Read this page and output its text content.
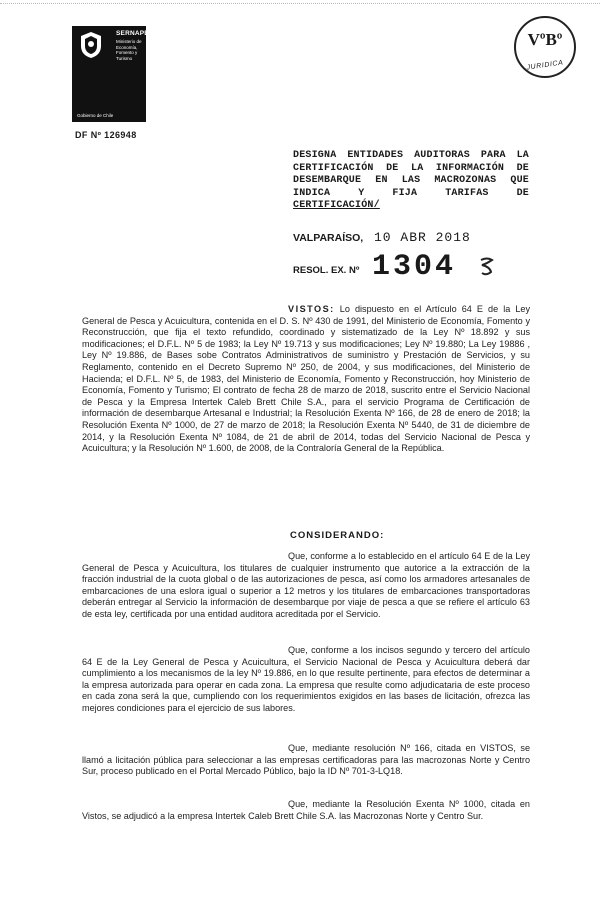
SERNAPESCA
Ministerio de Economía, Fomento y Turismo
Gobierno de Chile
DF Nº 126948
VºBº
JURIDICA
DESIGNA ENTIDADES AUDITORAS PARA LA CERTIFICACIÓN DE LA INFORMACIÓN DE DESEMBARQUE EN LAS MACROZONAS QUE INDICA Y FIJA TARIFAS DE CERTIFICACIÓN/
VALPARAÍSO, 10 ABR 2018
RESOL. EX. Nº 1304
VISTOS: Lo dispuesto en el Artículo 64 E de la Ley General de Pesca y Acuicultura, contenida en el D. S. Nº 430 de 1991, del Ministerio de Economía, Fomento y Reconstrucción, que fija el texto refundido, coordinado y sistematizado de la Ley Nº 18.892 y sus modificaciones; el D.F.L. Nº 5 de 1983; la Ley Nº 19.713 y sus modificaciones; Ley Nº 19.880; La Ley 19886 , Ley Nº 19.886, de Bases sobe Contratos Administrativos de suministro y Prestación de Servicios, y su Reglamento, contenido en el Decreto Supremo Nº 250, de 2004, y sus modificaciones, del Ministerio de Hacienda; el D.F.L. Nº 5, de 1983, del Ministerio de Economía, Fomento y Reconstrucción, hoy Ministerio de Economía, Fomento y Turismo; El contrato de fecha 28 de marzo de 2018, suscrito entre el Servicio Nacional de Pesca y la Empresa Intertek Caleb Brett Chile S.A., para el servicio Programa de Certificación de información de desembarque Artesanal e Industrial; la Resolución Exenta Nº 166, de 28 de enero de 2018; la Resolución Exenta Nº 1000, de 27 de marzo de 2018; la Resolución Exenta Nº 5440, de 31 de diciembre de 2014, y la Resolución Exenta Nº 1084, de 21 de abril de 2014, todas del Servicio Nacional de Pesca y Acuicultura; y la Resolución Nº 1.600, de 2008, de la Contraloría General de la República.
CONSIDERANDO:
Que, conforme a lo establecido en el artículo 64 E de la Ley General de Pesca y Acuicultura, los titulares de cualquier instrumento que autorice a la extracción de la fracción industrial de la cuota global o de las autorizaciones de pesca, así como los armadores artesanales de embarcaciones de una eslora igual o superior a 12 metros y los titulares de embarcaciones transportadoras deberán entregar al Servicio la información de desembarque por viaje de pesca a que se refiere el artículo 63 de esta ley, certificada por una entidad auditora acreditada por el Servicio.
Que, conforme a los incisos segundo y tercero del artículo 64 E de la Ley General de Pesca y Acuicultura, el Servicio Nacional de Pesca y Acuicultura deberá dar cumplimiento a los mecanismos de la ley Nº 19.886, en lo que resulte pertinente, para efectos de determinar a la empresa autorizada para operar en cada zona. La empresa que resulte como adjudicataria de este proceso en cada zona será la que, cumpliendo con los requerimientos exigidos en las bases de licitación, ofrezca las mejores condiciones para el ejercicio de sus labores.
Que, mediante resolución Nº 166, citada en VISTOS, se llamó a licitación pública para seleccionar a las empresas certificadoras para las macrozonas Norte y Centro Sur, proceso publicado en el Portal Mercado Público, bajo la ID Nº 701-3-LQ18.
Que, mediante la Resolución Exenta Nº 1000, citada en Vistos, se adjudicó a la empresa Intertek Caleb Brett Chile S.A. las Macrozonas Norte y Centro Sur.
